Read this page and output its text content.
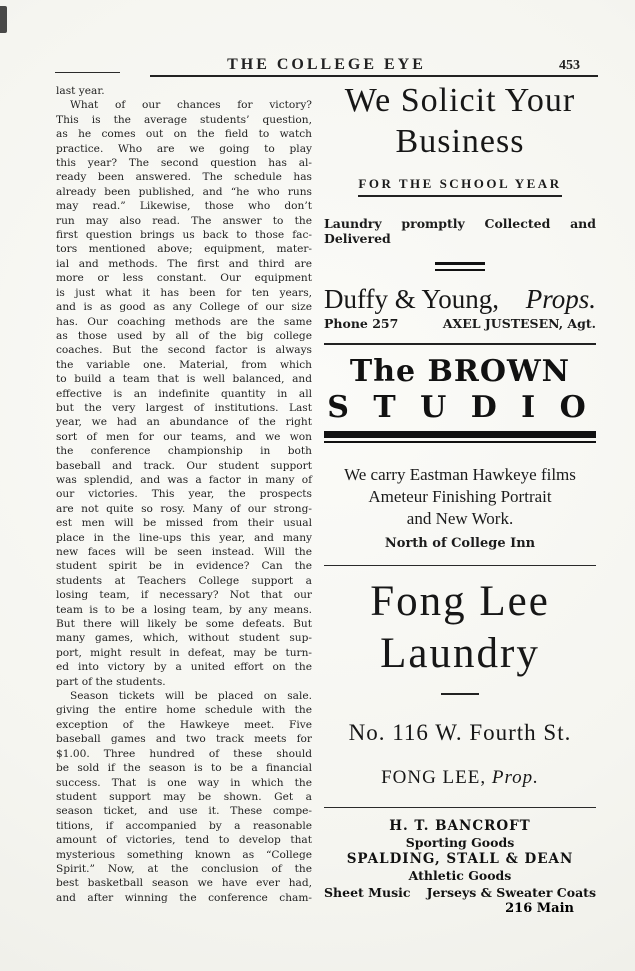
THE COLLEGE EYE	453
last year.
What of our chances for victory?
This is the average students’ question,
as he comes out on the field to watch
practice. Who are we going to play
this year? The second question has al-
ready been answered. The schedule has
already been published, and “he who runs
may read.” Likewise, those who don’t
run may also read. The answer to the
first question brings us back to those fac-
tors mentioned above; equipment, mater-
ial and methods. The first and third are
more or less constant. Our equipment
is just what it has been for ten years,
and is as good as any College of our size
has. Our coaching methods are the same
as those used by all of the big college
coaches. But the second factor is always
the variable one. Material, from which
to build a team that is well balanced, and
effective is an indefinite quantity in all
but the very largest of institutions. Last
year, we had an abundance of the right
sort of men for our teams, and we won
the conference championship in both
baseball and track. Our student support
was splendid, and was a factor in many of
our victories. This year, the prospects
are not quite so rosy. Many of our strong-
est men will be missed from their usual
place in the line-ups this year, and many
new faces will be seen instead. Will the
student spirit be in evidence? Can the
students at Teachers College support a
losing team, if necessary? Not that our
team is to be a losing team, by any means.
But there will likely be some defeats. But
many games, which, without student sup-
port, might result in defeat, may be turn-
ed into victory by a united effort on the
part of the students.
Season tickets will be placed on sale.
giving the entire home schedule with the
exception of the Hawkeye meet. Five
baseball games and two track meets for
$1.00. Three hundred of these should
be sold if the season is to be a financial
success. That is one way in which the
student support may be shown. Get a
season ticket, and use it. These compe-
titions, if accompanied by a reasonable
amount of victories, tend to develop that
mysterious something known as “College
Spirit.” Now, at the conclusion of the
best basketball season we have ever had,
and after winning the conference cham-
We Solicit Your
Business
FOR THE SCHOOL YEAR
Laundry promptly Collected and Delivered
Duffy & Young, Props.
Phone 257	AXEL JUSTESEN, Agt.
The BROWN
S T U D I O
We carry Eastman Hawkeye films
Ameteur Finishing Portrait
and New Work.
North of College Inn
Fong Lee
Laundry
No. 116 W. Fourth St.
FONG LEE, Prop.
H. T. BANCROFT
Sporting Goods
SPALDING, STALL & DEAN
Athletic Goods
Sheet Music Jerseys & Sweater Coats
216 Main
